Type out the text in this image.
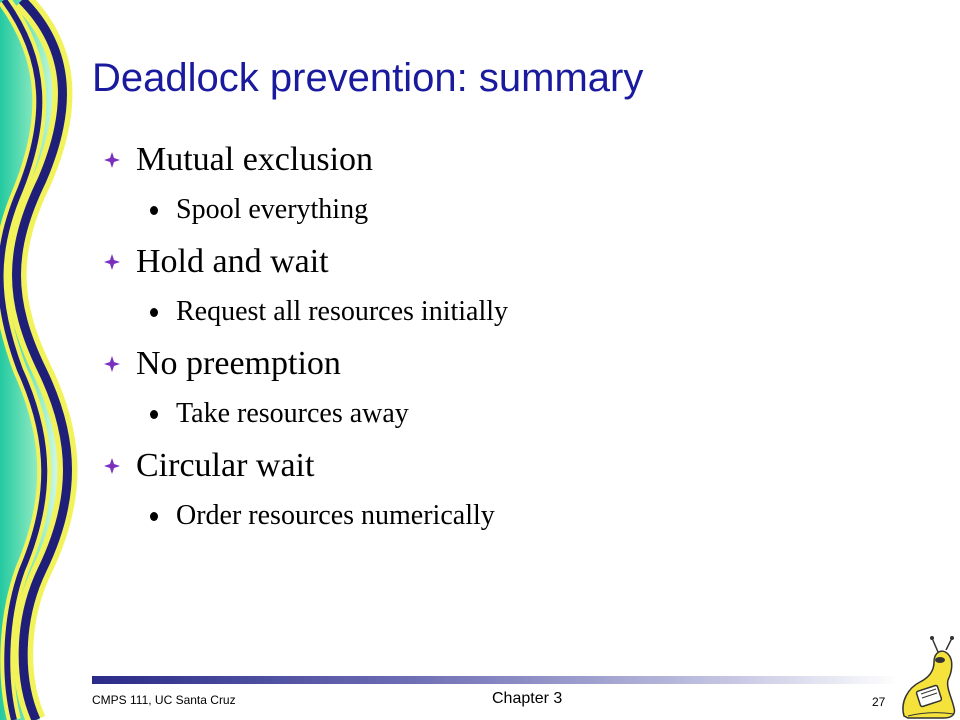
Deadlock prevention: summary
Mutual exclusion
Spool everything
Hold and wait
Request all resources initially
No preemption
Take resources away
Circular wait
Order resources numerically
CMPS 111, UC Santa Cruz	Chapter 3	27
